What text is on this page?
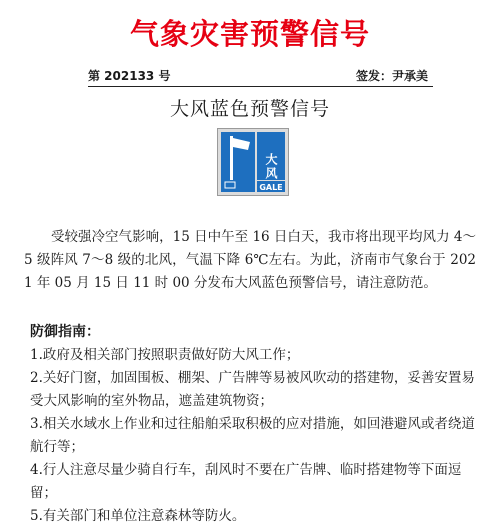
气象灾害预警信号
第 202133 号	签发：尹承美
大风蓝色预警信号
大风
GALE

受较强冷空气影响，15 日中午至 16 日白天，我市将出现平均风力 4～5 级阵风 7～8 级的北风，气温下降 6℃左右。为此，济南市气象台于 2021 年 05 月 15 日 11 时 00 分发布大风蓝色预警信号，请注意防范。

防御指南：
1.政府及相关部门按照职责做好防大风工作；
2.关好门窗，加固围板、棚架、广告牌等易被风吹动的搭建物，妥善安置易受大风影响的室外物品，遮盖建筑物资；
3.相关水域水上作业和过往船舶采取积极的应对措施，如回港避风或者绕道航行等；
4.行人注意尽量少骑自行车，刮风时不要在广告牌、临时搭建物等下面逗留；
5.有关部门和单位注意森林等防火。
